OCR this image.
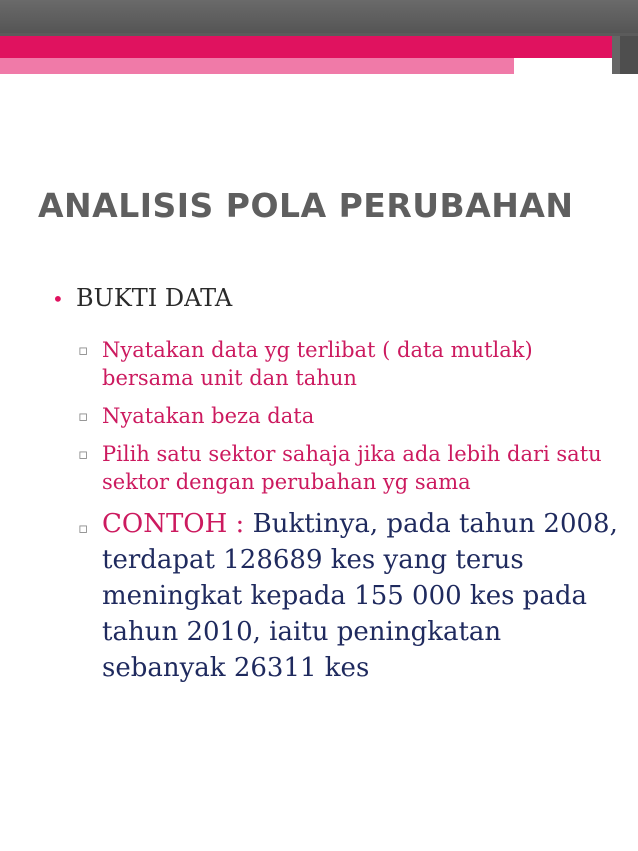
ANALISIS POLA PERUBAHAN
• BUKTI DATA
▫ Nyatakan data yg terlibat ( data mutlak) bersama unit dan tahun
▫ Nyatakan beza data
▫ Pilih satu sektor sahaja jika ada lebih dari satu sektor dengan perubahan yg sama
▫ CONTOH : Buktinya, pada tahun 2008, terdapat 128689 kes yang terus meningkat kepada 155 000 kes pada tahun 2010, iaitu peningkatan sebanyak 26311 kes
